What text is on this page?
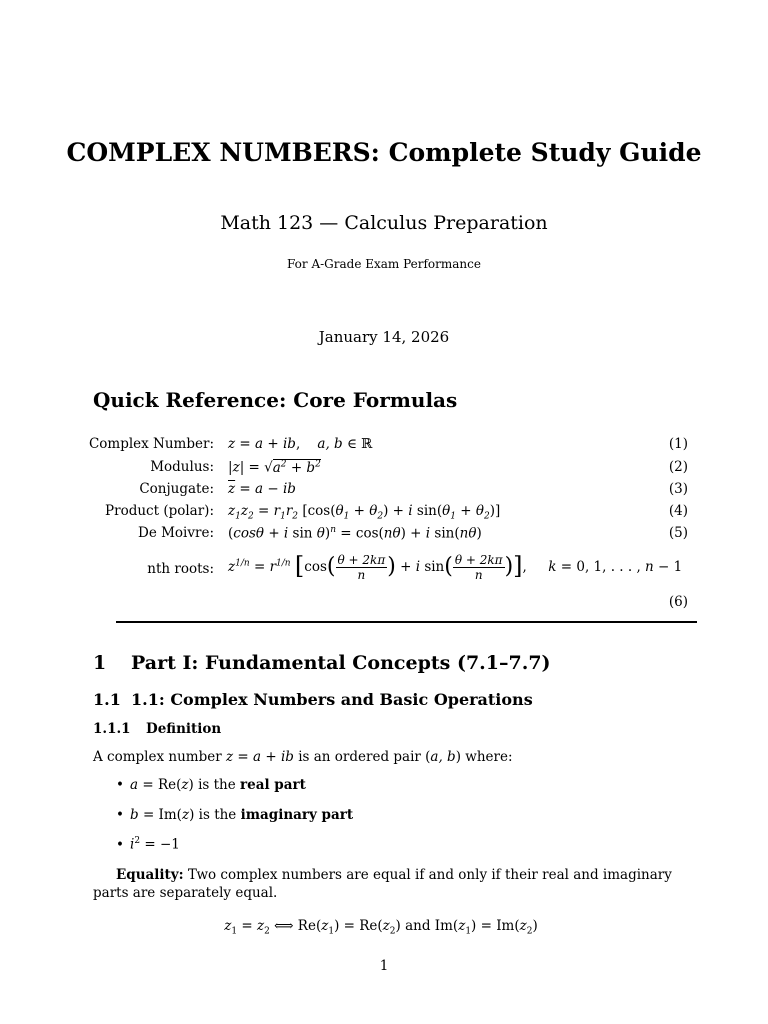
COMPLEX NUMBERS: Complete Study Guide
Math 123 — Calculus Preparation
For A-Grade Exam Performance
January 14, 2026
Quick Reference: Core Formulas
Complex Number: z = a + ib,    a, b ∈ ℝ	(1)
Modulus: $|z| = √a^2 + b^2$	(2)
Conjugate: $\overline{z} = a$ − ib	(3)
Product (polar): $z_1z_2 = r_1r_2$ [$\cos(\theta_1 + \theta_2) + i$ $\sin(\theta_1 + \theta_2)$]	(4)
De Moivre: (cosθ + i sin θ)$^n$ = cos(nθ) + i sin(nθ)	(5)
nth roots: $z^{1/n} = r^{1/n}$ [$\cos( \frac{\theta + 2k\pi}{n}$ ) + i $\sin( \frac{\theta + 2k\pi}{n}$ )],     k = 0, 1, . . . , n − 1
(6)
1 Part I: Fundamental Concepts (7.1–7.7)
1.1 1.1: Complex Numbers and Basic Operations
1.1.1 Definition
A complex number z = a + ib is an ordered pair (a, b) where:
• a = Re(z) is the real part
• b = Im(z) is the imaginary part
• $i^2 = -1$
Equality: Two complex numbers are equal if and only if their real and imaginary parts are separately equal.
$z_1 = z_2$ ⟺ $Re(z_1) = Re(z_2)$ and $Im(z_1) = Im(z_2)$
1
